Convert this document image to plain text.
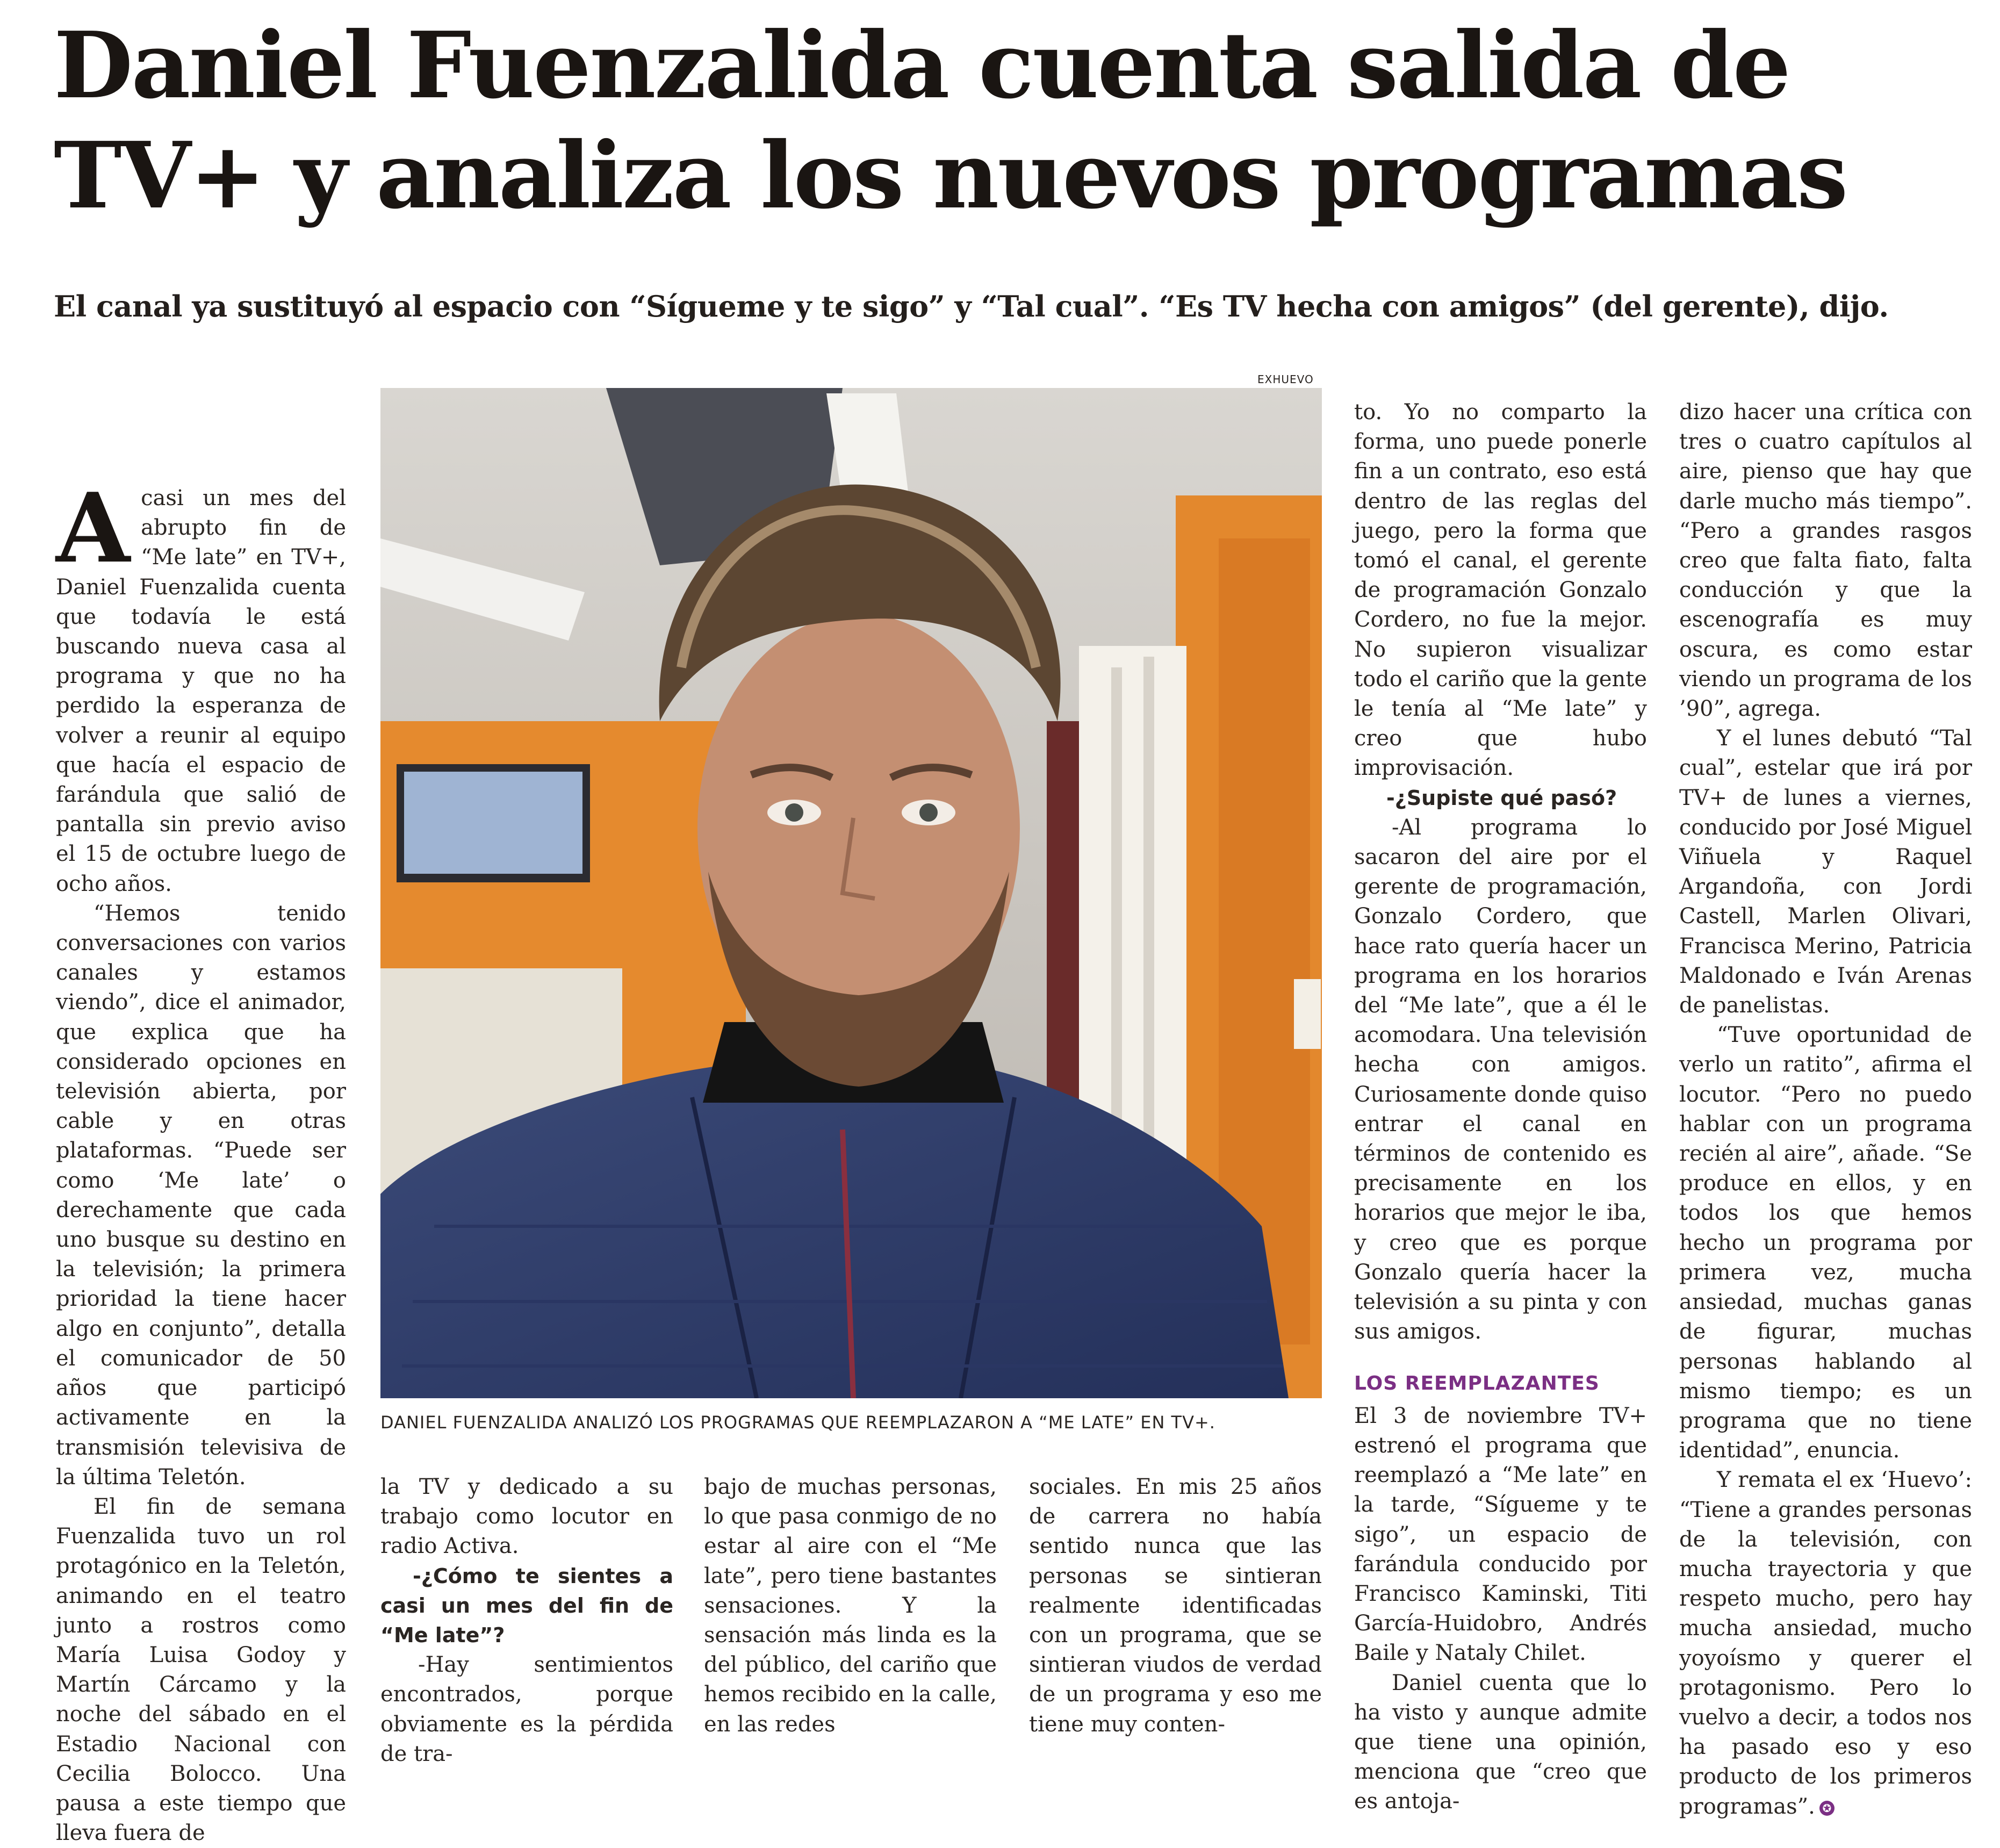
Daniel Fuenzalida cuenta salida de TV+ y analiza los nuevos programas

El canal ya sustituyó al espacio con “Sígueme y te sigo” y “Tal cual”. “Es TV hecha con amigos” (del gerente), dijo.

EXHUEVO
DANIEL FUENZALIDA ANALIZÓ LOS PROGRAMAS QUE REEMPLAZARON A “ME LATE” EN TV+.
A casi un mes del abrupto fin de “Me late” en TV+, Daniel Fuenzalida cuenta que todavía le está buscando nueva casa al programa y que no ha perdido la esperanza de volver a reunir al equipo que hacía el espacio de farándula que salió de pantalla sin previo aviso el 15 de octubre luego de ocho años.

“Hemos tenido conversaciones con varios canales y estamos viendo”, dice el animador, que explica que ha considerado opciones en televisión abierta, por cable y en otras plataformas. “Puede ser como ‘Me late’ o derechamente que cada uno busque su destino en la televisión; la primera prioridad la tiene hacer algo en conjunto”, detalla el comunicador de 50 años que participó activamente en la transmisión televisiva de la última Teletón.

El fin de semana Fuenzalida tuvo un rol protagónico en la Teletón, animando en el teatro junto a rostros como María Luisa Godoy y Martín Cárcamo y la noche del sábado en el Estadio Nacional con Cecilia Bolocco. Una pausa a este tiempo que lleva fuera de

la TV y dedicado a su trabajo como locutor en radio Activa.

-¿Cómo te sientes a casi un mes del fin de “Me late”?

-Hay sentimientos encontrados, porque obviamente es la pérdida de tra-

bajo de muchas personas, lo que pasa conmigo de no estar al aire con el “Me late”, pero tiene bastantes sensaciones. Y la sensación más linda es la del público, del cariño que hemos recibido en la calle, en las redes

sociales. En mis 25 años de carrera no había sentido nunca que las personas se sintieran realmente identificadas con un programa, que se sintieran viudos de verdad de un programa y eso me tiene muy conten-

to. Yo no comparto la forma, uno puede ponerle fin a un contrato, eso está dentro de las reglas del juego, pero la forma que tomó el canal, el gerente de programación Gonzalo Cordero, no fue la mejor. No supieron visualizar todo el cariño que la gente le tenía al “Me late” y creo que hubo improvisación.

-¿Supiste qué pasó?

-Al programa lo sacaron del aire por el gerente de programación, Gonzalo Cordero, que hace rato quería hacer un programa en los horarios del “Me late”, que a él le acomodara. Una televisión hecha con amigos. Curiosamente donde quiso entrar el canal en términos de contenido es precisamente en los horarios que mejor le iba, y creo que es porque Gonzalo quería hacer la televisión a su pinta y con sus amigos.

LOS REEMPLAZANTES

El 3 de noviembre TV+ estrenó el programa que reemplazó a “Me late” en la tarde, “Sígueme y te sigo”, un espacio de farándula conducido por Francisco Kaminski, Titi García-Huidobro, Andrés Baile y Nataly Chilet.

Daniel cuenta que lo ha visto y aunque admite que tiene una opinión, menciona que “creo que es antoja-

dizo hacer una crítica con tres o cuatro capítulos al aire, pienso que hay que darle mucho más tiempo”. “Pero a grandes rasgos creo que falta fiato, falta conducción y que la escenografía es muy oscura, es como estar viendo un programa de los ’90”, agrega.

Y el lunes debutó “Tal cual”, estelar que irá por TV+ de lunes a viernes, conducido por José Miguel Viñuela y Raquel Argandoña, con Jordi Castell, Marlen Olivari, Francisca Merino, Patricia Maldonado e Iván Arenas de panelistas.

“Tuve oportunidad de verlo un ratito”, afirma el locutor. “Pero no puedo hablar con un programa recién al aire”, añade. “Se produce en ellos, y en todos los que hemos hecho un programa por primera vez, mucha ansiedad, muchas ganas de figurar, muchas personas hablando al mismo tiempo; es un programa que no tiene identidad”, enuncia.

Y remata el ex ‘Huevo’: “Tiene a grandes personas de la televisión, con mucha trayectoria y que respeto mucho, pero hay mucha ansiedad, mucho yoyoísmo y querer el protagonismo. Pero lo vuelvo a decir, a todos nos ha pasado eso y eso producto de los primeros programas”. ✪
